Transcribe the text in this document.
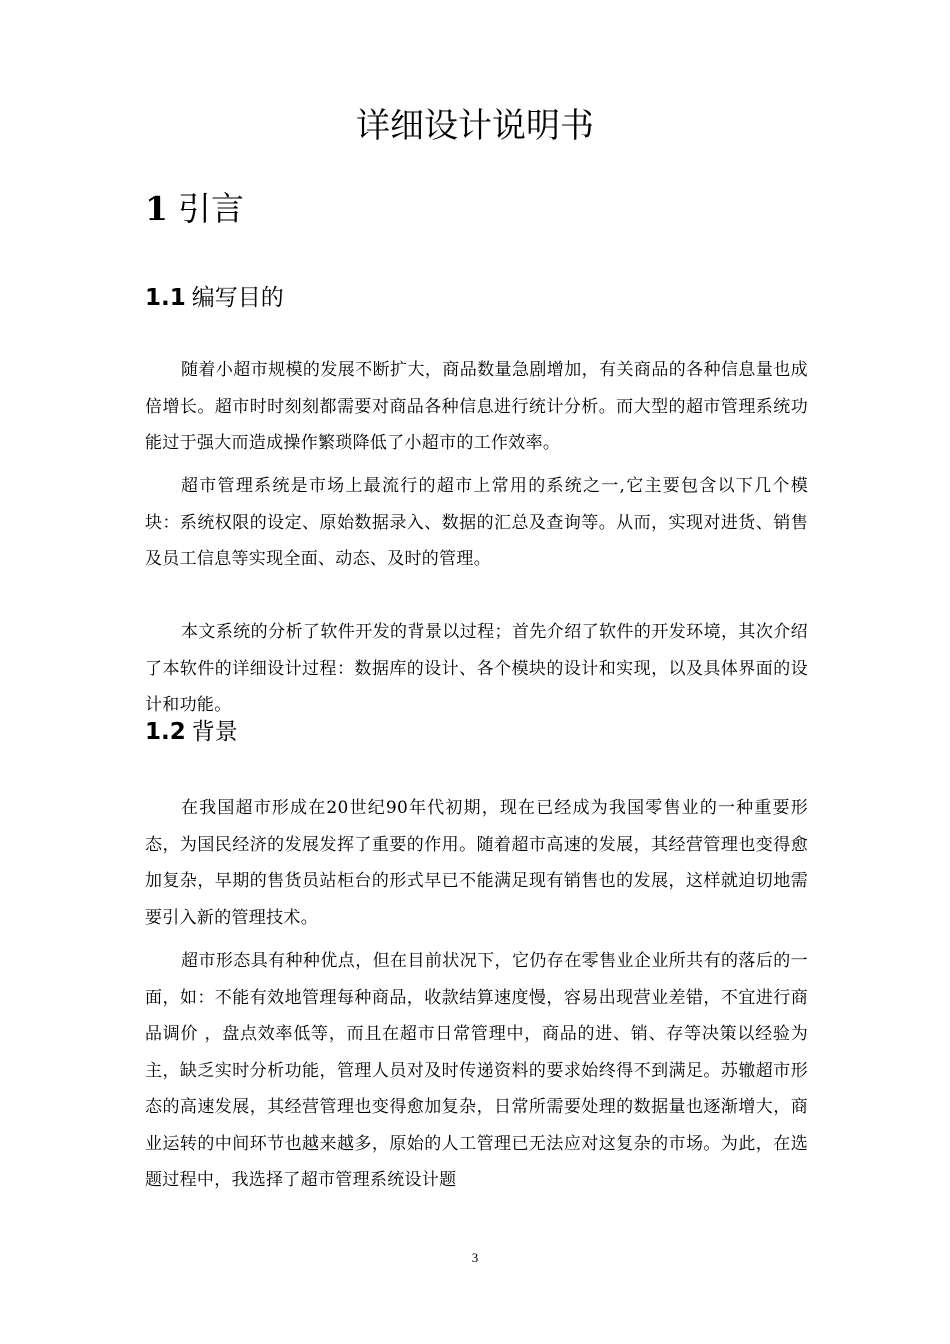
详细设计说明书
1 引言
1.1 编写目的

随着小超市规模的发展不断扩大，商品数量急剧增加，有关商品的各种信息量也成倍增长。超市时时刻刻都需要对商品各种信息进行统计分析。而大型的超市管理系统功能过于强大而造成操作繁琐降低了小超市的工作效率。

超市管理系统是市场上最流行的超市上常用的系统之一,它主要包含以下几个模块：系统权限的设定、原始数据录入、数据的汇总及查询等。从而，实现对进货、销售及员工信息等实现全面、动态、及时的管理。

本文系统的分析了软件开发的背景以过程；首先介绍了软件的开发环境，其次介绍了本软件的详细设计过程：数据库的设计、各个模块的设计和实现，以及具体界面的设计和功能。

1.2 背景

在我国超市形成在20世纪90年代初期，现在已经成为我国零售业的一种重要形态，为国民经济的发展发挥了重要的作用。随着超市高速的发展，其经营管理也变得愈加复杂，早期的售货员站柜台的形式早已不能满足现有销售也的发展，这样就迫切地需要引入新的管理技术。

超市形态具有种种优点，但在目前状况下，它仍存在零售业企业所共有的落后的一面，如：不能有效地管理每种商品，收款结算速度慢，容易出现营业差错，不宜进行商品调价 ，盘点效率低等，而且在超市日常管理中，商品的进、销、存等决策以经验为主，缺乏实时分析功能，管理人员对及时传递资料的要求始终得不到满足。苏辙超市形态的高速发展，其经营管理也变得愈加复杂，日常所需要处理的数据量也逐渐增大，商业运转的中间环节也越来越多，原始的人工管理已无法应对这复杂的市场。为此，在选题过程中，我选择了超市管理系统设计题

3
